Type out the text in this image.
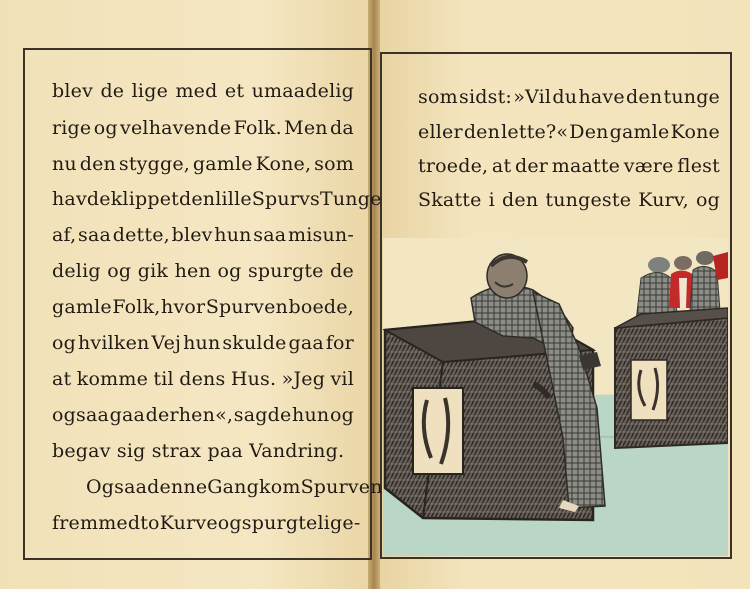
blev de lige med et umaadelig
rige og velhavende Folk. Men da
nu den stygge, gamle Kone, som
havde klippet den lille Spurvs Tunge
af, saa dette, blev hun saa misun-
delig og gik hen og spurgte de
gamle Folk, hvor Spurven boede,
og hvilken Vej hun skulde gaa for
at komme til dens Hus. »Jeg vil
ogsaa gaa derhen«, sagde hun og
begav sig strax paa Vandring.
Ogsaa denne Gang kom Spurven
frem med to Kurve og spurgte lige-
som sidst: »Vil du have den tunge
eller den lette?« Den gamle Kone
troede, at der maatte være flest
Skatte i den tungeste Kurv, og
